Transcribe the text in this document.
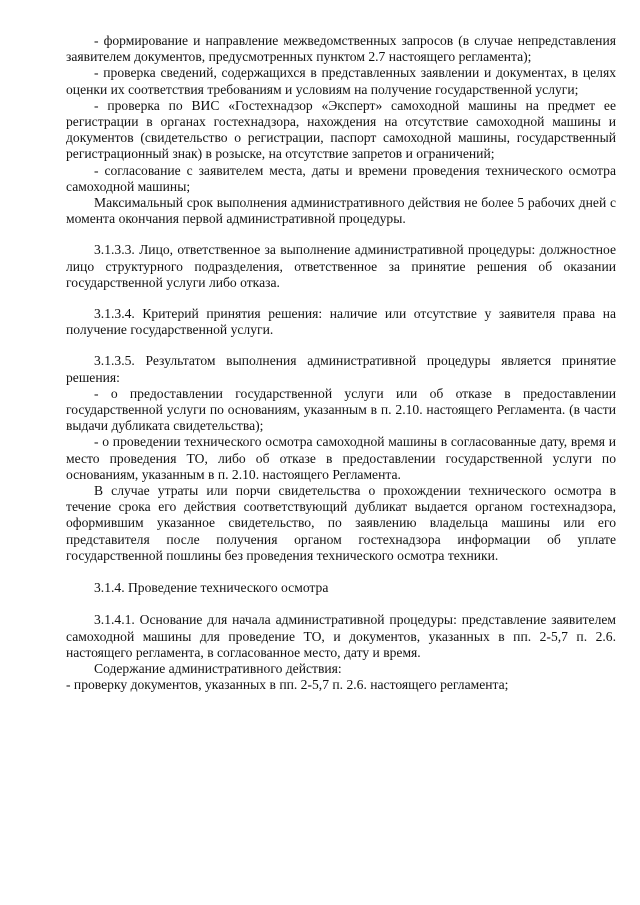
- формирование и направление межведомственных запросов (в случае непредставления заявителем документов, предусмотренных пунктом 2.7 настоящего регламента);

- проверка сведений, содержащихся в представленных заявлении и документах, в целях оценки их соответствия требованиям и условиям на получение государственной услуги;

- проверка по ВИС «Гостехнадзор «Эксперт» самоходной машины на предмет ее регистрации в органах гостехнадзора, нахождения на отсутствие самоходной машины и документов (свидетельство о регистрации, паспорт самоходной машины, государственный регистрационный знак) в розыске, на отсутствие запретов и ограничений;

- согласование с заявителем места, даты и времени проведения технического осмотра самоходной машины;

Максимальный срок выполнения административного действия не более 5 рабочих дней с момента окончания первой административной процедуры.

3.1.3.3. Лицо, ответственное за выполнение административной процедуры: должностное лицо структурного подразделения, ответственное за принятие решения об оказании государственной услуги либо отказа.

3.1.3.4. Критерий принятия решения: наличие или отсутствие у заявителя права на получение государственной услуги.

3.1.3.5. Результатом выполнения административной процедуры является принятие решения:

- о предоставлении государственной услуги или об отказе в предоставлении государственной услуги по основаниям, указанным в п. 2.10. настоящего Регламента. (в части выдачи дубликата свидетельства);

- о проведении технического осмотра самоходной машины в согласованные дату, время и место проведения ТО, либо об отказе в предоставлении государственной услуги по основаниям, указанным в п. 2.10. настоящего Регламента.

В случае утраты или порчи свидетельства о прохождении технического осмотра в течение срока его действия соответствующий дубликат выдается органом гостехнадзора, оформившим указанное свидетельство, по заявлению владельца машины или его представителя после получения органом гостехнадзора информации об уплате государственной пошлины без проведения технического осмотра техники.

3.1.4. Проведение технического осмотра

3.1.4.1. Основание для начала административной процедуры: представление заявителем самоходной машины для проведение ТО, и документов, указанных в пп. 2-5,7 п. 2.6. настоящего регламента, в согласованное место, дату и время.

Содержание административного действия:

- проверку документов, указанных в пп. 2-5,7 п. 2.6. настоящего регламента;
